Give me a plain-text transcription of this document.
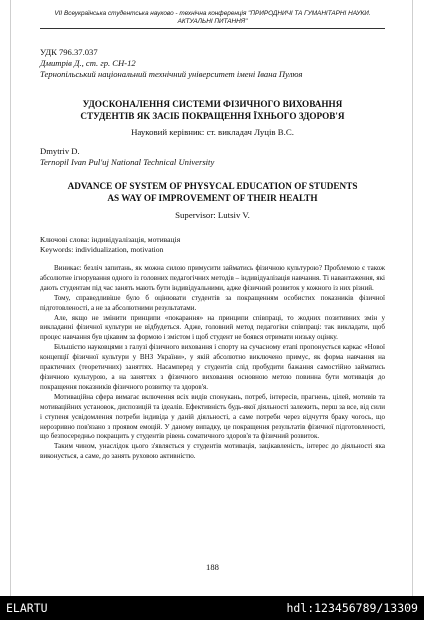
VII Всеукраїнська студентська науково - технічна конференція "ПРИРОДНИЧІ ТА ГУМАНІТАРНІ НАУКИ.
АКТУАЛЬНІ ПИТАННЯ"
УДК 796.37.037
Дмитрів Д., ст. гр. СН-12
Тернопільський національний технічний університет імені Івана Пулюя
УДОСКОНАЛЕННЯ СИСТЕМИ ФІЗИЧНОГО ВИХОВАННЯ
СТУДЕНТІВ ЯК ЗАСІБ ПОКРАЩЕННЯ ЇХНЬОГО ЗДОРОВ'Я
Науковий керівник: ст. викладач Луців В.С.
Dmytriv D.
Ternopil Ivan Pul'uj National Technical University
ADVANCE OF SYSTEM OF PHYSYCAL EDUCATION OF STUDENTS
AS WAY OF IMPROVEMENT OF THEIR HEALTH
Supervisor: Lutsiv V.
Ключові слова: індивідуалізація, мотивація
Keywords: individualization, motivation

Виникає: безліч запитань, як можна силою примусити займатись фізичною культурою? Проблемою є також абсолютне ігнорування одного із головних педагогічних методів – індивідуалізація навчання. Ті навантаження, які дають студентам під час занять мають бути індивідуальними, адже фізичний розвиток у кожного із них різний.

Тому, справедливіше було б оцінювати студентів за покращенням особистих показників фізичної підготовленості, а не за абсолютними результатами.

Але, якщо не змінити принципи «покарання» на принципи співпраці, то жодних позитивних змін у викладанні фізичної культури не відбудеться. Адже, головний метод педагогіки співпраці: так викладати, щоб процес навчання був цікавим за формою і змістом і щоб студент не боявся отримати низьку оцінку.

Більшістю науковцями з галузі фізичного виховання і спорту на сучасному етапі пропонується каркас «Нової концепції фізичної культури у ВНЗ України», у якій абсолютно виключено примус, як форма навчання на практичних (теоретичних) заняттях. Насамперед у студентів слід пробудити бажання самостійно займатись фізичною культурою, а на заняттях з фізичного виховання основною метою повинна бути мотивація до покращення показників фізичного розвитку та здоров'я.

Мотиваційна сфера вимагає включення всіх видів спонукань, потреб, інтересів, прагнень, цілей, мотивів та мотиваційних установок, диспозицій та ідеалів. Ефективність будь-якої діяльності залежить, перш за все, від сили і ступеня усвідомлення потреби індивіда у даній діяльності, а саме потреби через відчуття браку чогось, що нерозривно пов'язано з проявом емоцій. У даному випадку, це покращення результатів фізичної підготовленості, що безпосередньо покращить у студентів рівень соматичного здоров'я та фізичний розвиток.

Таким чином, унаслідок цього з'являється у студентів мотивація, зацікавленість, інтерес до діяльності яка виконується, а саме, до занять руховою активністю.

188
ELARTU	hdl:123456789/13309
